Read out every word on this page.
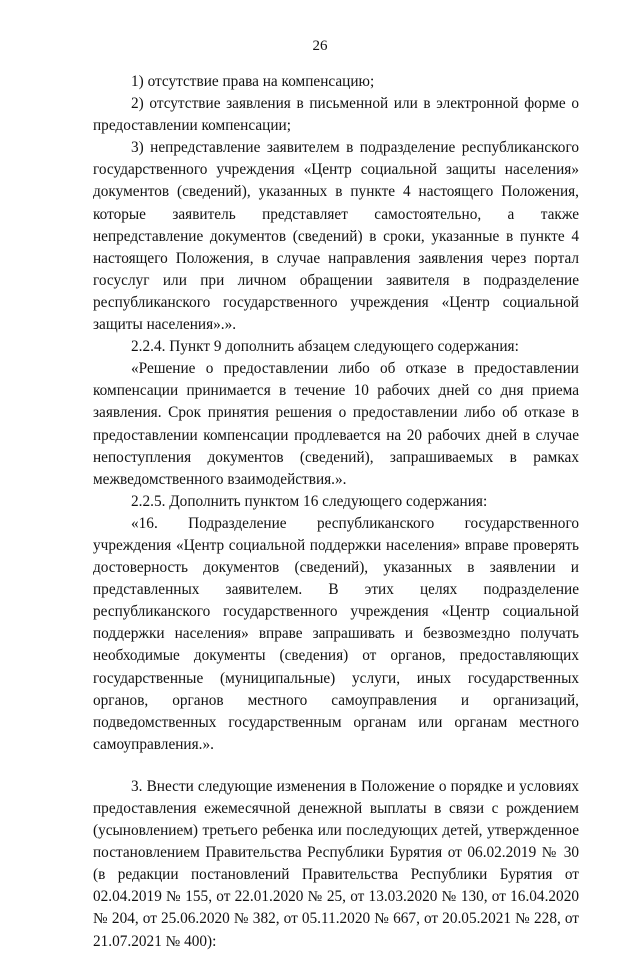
26

1) отсутствие права на компенсацию;

2) отсутствие заявления в письменной или в электронной форме о предоставлении компенсации;

3) непредставление заявителем в подразделение республиканского государственного учреждения «Центр социальной защиты населения» документов (сведений), указанных в пункте 4 настоящего Положения, которые заявитель представляет самостоятельно, а также непредставление документов (сведений) в сроки, указанные в пункте 4 настоящего Положения, в случае направления заявления через портал госуслуг или при личном обращении заявителя в подразделение республиканского государственного учреждения «Центр социальной защиты населения».».

2.2.4. Пункт 9 дополнить абзацем следующего содержания:

«Решение о предоставлении либо об отказе в предоставлении компенсации принимается в течение 10 рабочих дней со дня приема заявления. Срок принятия решения о предоставлении либо об отказе в предоставлении компенсации продлевается на 20 рабочих дней в случае непоступления документов (сведений), запрашиваемых в рамках межведомственного взаимодействия.».

2.2.5. Дополнить пунктом 16 следующего содержания:

«16. Подразделение республиканского государственного учреждения «Центр социальной поддержки населения» вправе проверять достоверность документов (сведений), указанных в заявлении и представленных заявителем. В этих целях подразделение республиканского государственного учреждения «Центр социальной поддержки населения» вправе запрашивать и безвозмездно получать необходимые документы (сведения) от органов, предоставляющих государственные (муниципальные) услуги, иных государственных органов, органов местного самоуправления и организаций, подведомственных государственным органам или органам местного самоуправления.».

3. Внести следующие изменения в Положение о порядке и условиях предоставления ежемесячной денежной выплаты в связи с рождением (усыновлением) третьего ребенка или последующих детей, утвержденное постановлением Правительства Республики Бурятия от 06.02.2019 № 30 (в редакции постановлений Правительства Республики Бурятия от 02.04.2019 № 155, от 22.01.2020 № 25, от 13.03.2020 № 130, от 16.04.2020 № 204, от 25.06.2020 № 382, от 05.11.2020 № 667, от 20.05.2021 № 228, от 21.07.2021 № 400):
